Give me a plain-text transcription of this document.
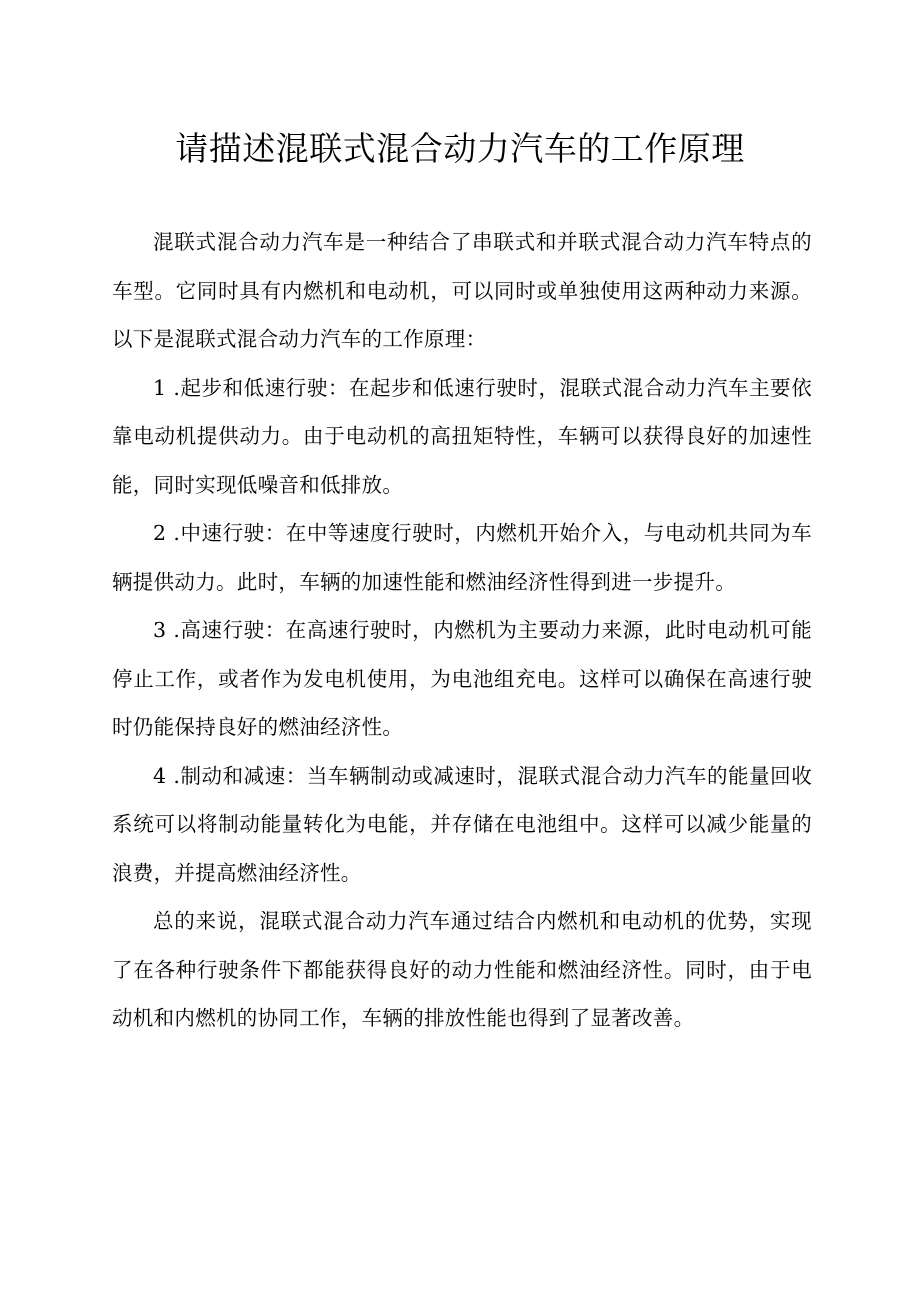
请描述混联式混合动力汽车的工作原理

混联式混合动力汽车是一种结合了串联式和并联式混合动力汽车特点的车型。它同时具有内燃机和电动机，可以同时或单独使用这两种动力来源。以下是混联式混合动力汽车的工作原理：

1 .起步和低速行驶：在起步和低速行驶时，混联式混合动力汽车主要依靠电动机提供动力。由于电动机的高扭矩特性，车辆可以获得良好的加速性能，同时实现低噪音和低排放。

2 .中速行驶：在中等速度行驶时，内燃机开始介入，与电动机共同为车辆提供动力。此时，车辆的加速性能和燃油经济性得到进一步提升。

3 .高速行驶：在高速行驶时，内燃机为主要动力来源，此时电动机可能停止工作，或者作为发电机使用，为电池组充电。这样可以确保在高速行驶时仍能保持良好的燃油经济性。

4 .制动和减速：当车辆制动或减速时，混联式混合动力汽车的能量回收系统可以将制动能量转化为电能，并存储在电池组中。这样可以减少能量的浪费，并提高燃油经济性。

总的来说，混联式混合动力汽车通过结合内燃机和电动机的优势，实现了在各种行驶条件下都能获得良好的动力性能和燃油经济性。同时，由于电动机和内燃机的协同工作，车辆的排放性能也得到了显著改善。
